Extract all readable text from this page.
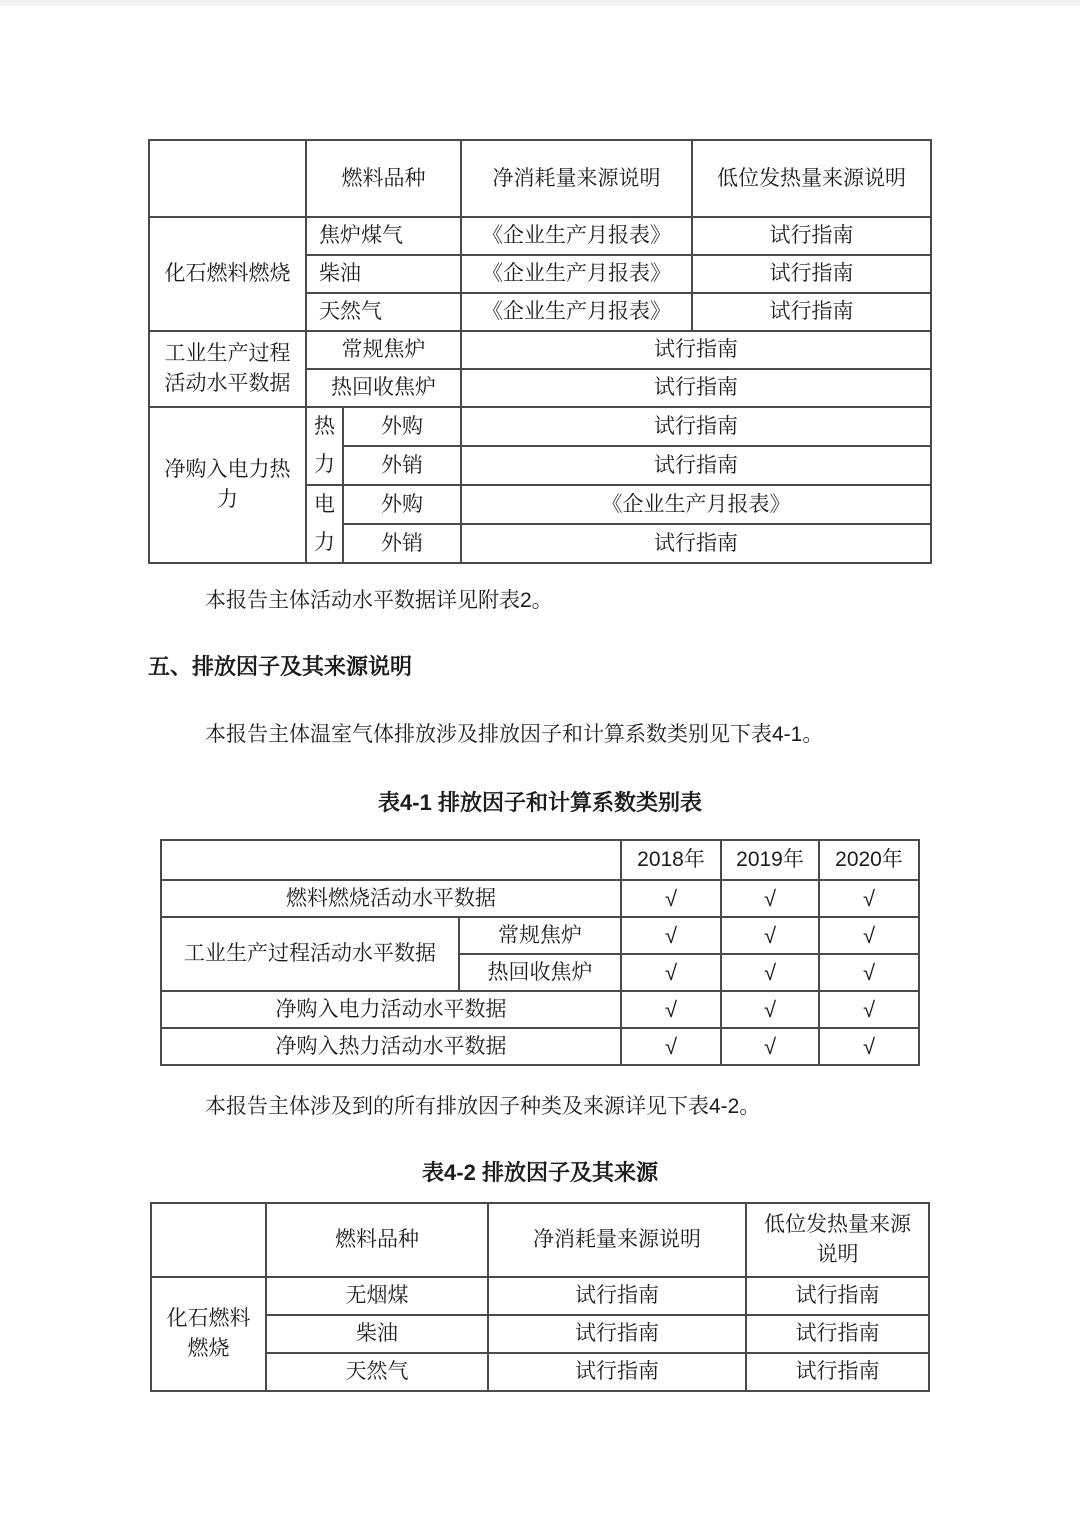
	燃料品种		净消耗量来源说明	低位发热量来源说明
化石燃料燃烧	焦炉煤气		《企业生产月报表》	试行指南
	柴油		《企业生产月报表》	试行指南
	天然气		《企业生产月报表》	试行指南
工业生产过程活动水平数据	常规焦炉		试行指南	
	热回收焦炉		试行指南	
净购入电力热力	热力	外购	试行指南	
		外销	试行指南	
	电力	外购	《企业生产月报表》	
		外销	试行指南	

本报告主体活动水平数据详见附表2。

五、排放因子及其来源说明

本报告主体温室气体排放涉及排放因子和计算系数类别见下表4-1。

表4-1 排放因子和计算系数类别表
		2018年	2019年	2020年
燃料燃烧活动水平数据		√	√	√
工业生产过程活动水平数据	常规焦炉	√	√	√
	热回收焦炉	√	√	√
净购入电力活动水平数据		√	√	√
净购入热力活动水平数据		√	√	√

本报告主体涉及到的所有排放因子种类及来源详见下表4-2。

表4-2 排放因子及其来源
	燃料品种	净消耗量来源说明	低位发热量来源说明
化石燃料燃烧	无烟煤	试行指南	试行指南
	柴油	试行指南	试行指南
	天然气	试行指南	试行指南
